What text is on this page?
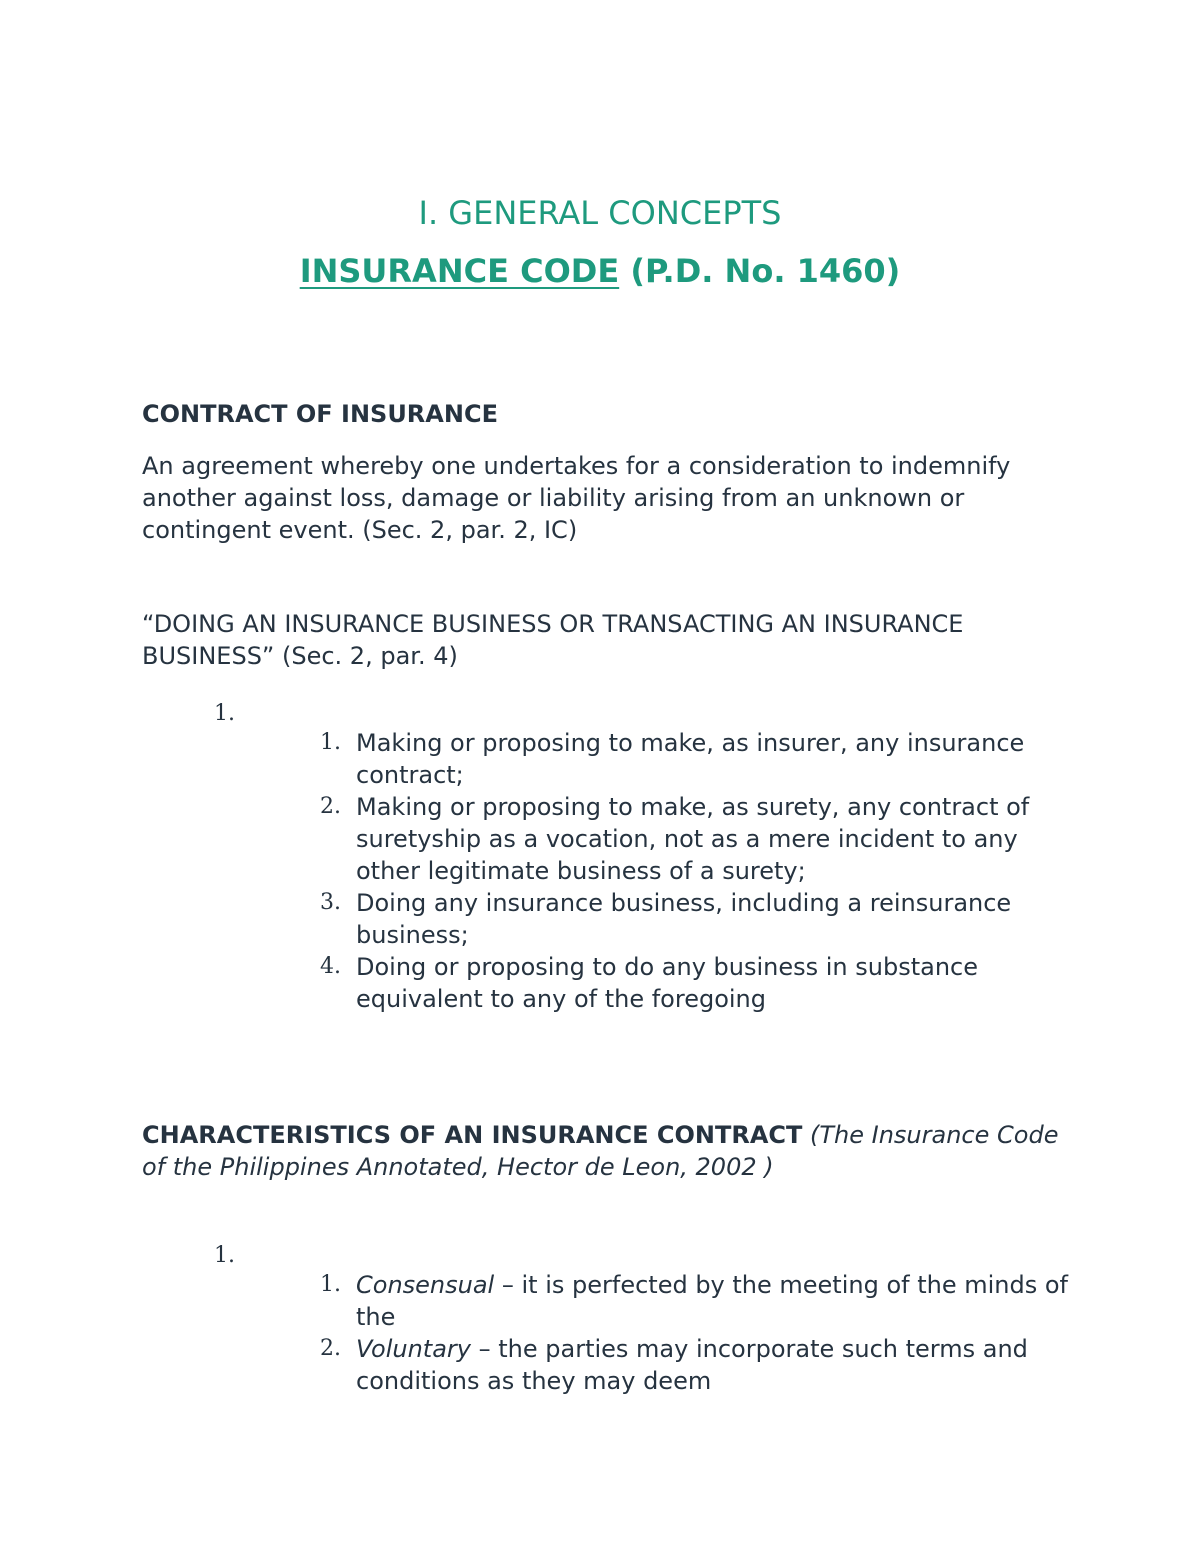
I. GENERAL CONCEPTS
INSURANCE CODE (P.D. No. 1460)
CONTRACT OF INSURANCE
An agreement whereby one undertakes for a consideration to indemnify another against loss, damage or liability arising from an unknown or contingent event. (Sec. 2, par. 2, IC)
“DOING AN INSURANCE BUSINESS OR TRANSACTING AN INSURANCE BUSINESS” (Sec. 2, par. 4)
1.
1. Making or proposing to make, as insurer, any insurance contract;
2. Making or proposing to make, as surety, any contract of suretyship as a vocation, not as a mere incident to any other legitimate business of a surety;
3. Doing any insurance business, including a reinsurance business;
4. Doing or proposing to do any business in substance equivalent to any of the foregoing
CHARACTERISTICS OF AN INSURANCE CONTRACT (The Insurance Code of the Philippines Annotated, Hector de Leon, 2002 )
1.
1. Consensual – it is perfected by the meeting of the minds of the
2. Voluntary – the parties may incorporate such terms and conditions as they may deem
